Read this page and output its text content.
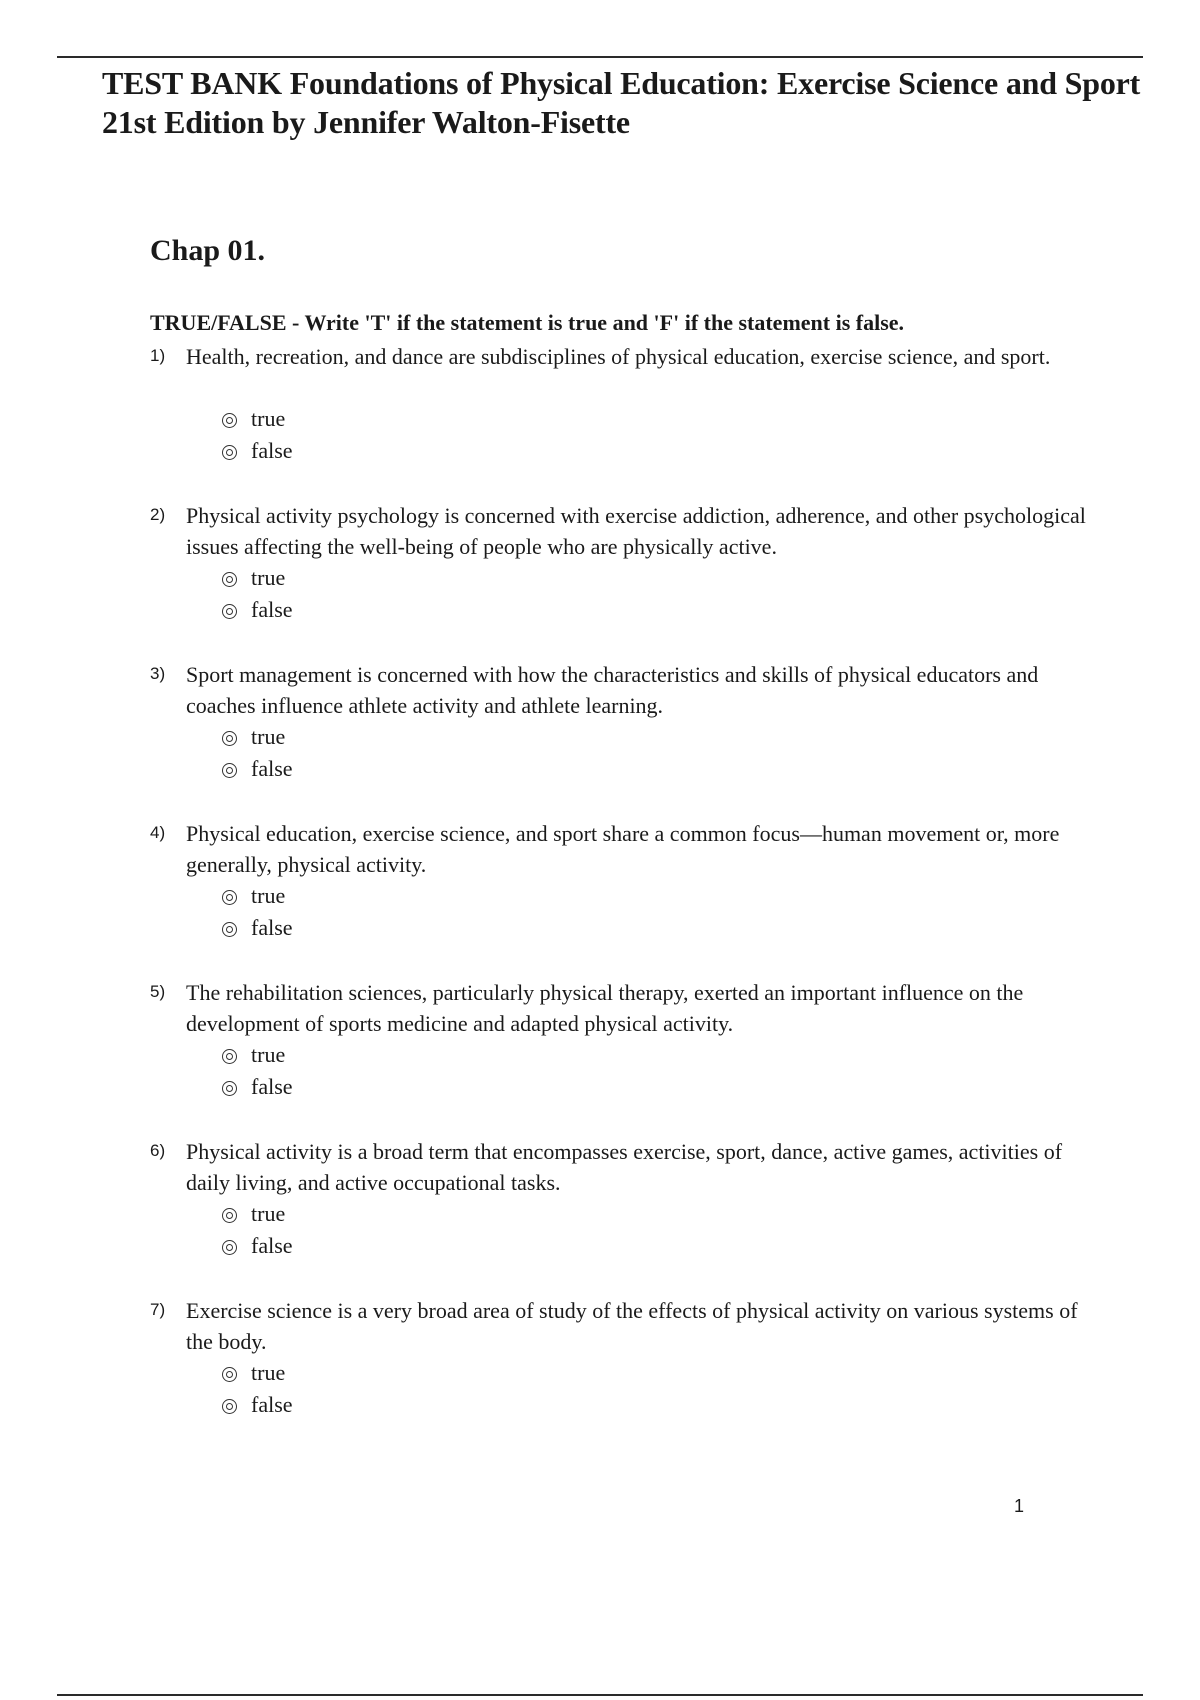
TEST BANK Foundations of Physical Education: Exercise Science and Sport
21st Edition by Jennifer Walton-Fisette
Chap 01.

TRUE/FALSE - Write 'T' if the statement is true and 'F' if the statement is false.

1) Health, recreation, and dance are subdisciplines of physical education, exercise science, and sport.
true
false
2) Physical activity psychology is concerned with exercise addiction, adherence, and other psychological issues affecting the well-being of people who are physically active.
true
false
3) Sport management is concerned with how the characteristics and skills of physical educators and coaches influence athlete activity and athlete learning.
true
false
4) Physical education, exercise science, and sport share a common focus—human movement or, more generally, physical activity.
true
false
5) The rehabilitation sciences, particularly physical therapy, exerted an important influence on the development of sports medicine and adapted physical activity.
true
false
6) Physical activity is a broad term that encompasses exercise, sport, dance, active games, activities of daily living, and active occupational tasks.
true
false
7) Exercise science is a very broad area of study of the effects of physical activity on various systems of the body.
true
false
1
